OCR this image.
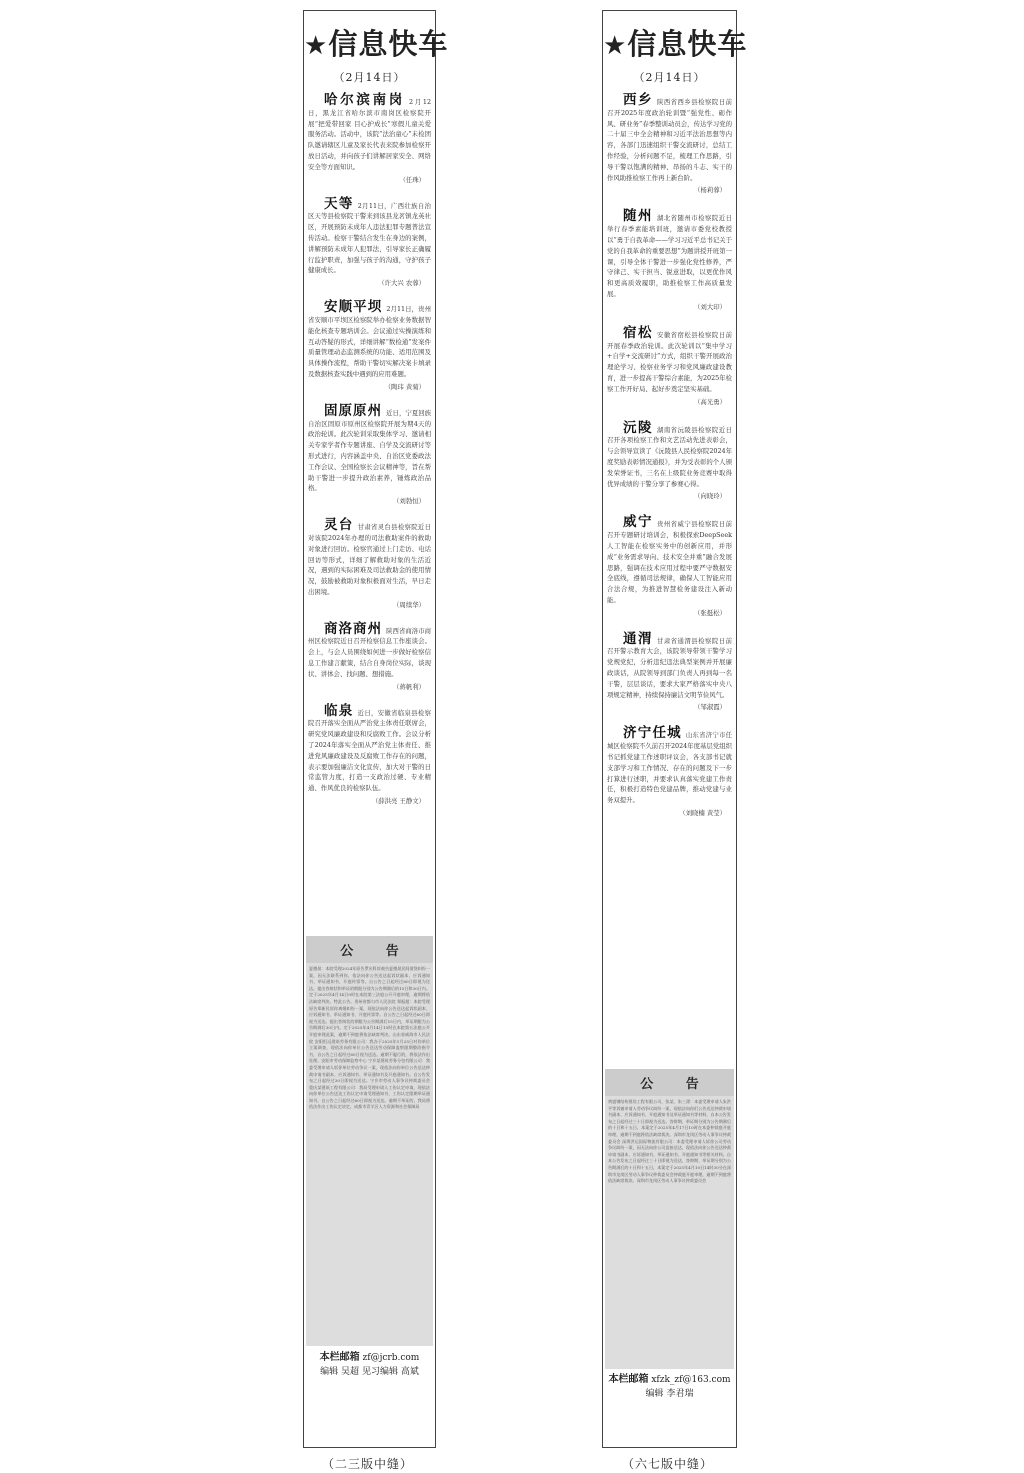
★信息快车
（2月14日）

哈尔滨南岗 2月12日，黑龙江省哈尔滨市南岗区检察院开展“把爱带回家 目心护成长”寒假儿童关爱服务活动。活动中，该院“法治童心”未检团队邀请辖区儿童及家长代表来院参加检察开放日活动，并向孩子们讲解居家安全、网络安全等方面知识。

（任珠）

天等 2月11日，广西壮族自治区天等县检察院干警来到该县龙茗镇龙英社区，开展预防未成年人违法犯罪专题普法宣传活动。检察干警结合发生在身边的案例，讲解预防未成年人犯罪法，引导家长正确履行监护职责，加强与孩子的沟通，守护孩子健康成长。

（许大兴 农蓉）

安顺平坝 2月11日，贵州省安顺市平坝区检察院举办检察业务数据智能化核查专题培训会。会议通过实操演练和互动答疑的形式，详细讲解“数检通”发案件质量管理动态监测系统的功能、适用范围及具体操作流程，帮助干警切实解决案卡填录及数据核查实践中遇到的应用难题。

（陶玮 黄菊）

固原原州 近日，宁夏回族自治区固原市原州区检察院开展为期4天的政治轮训。此次轮训采取集体学习、邀请相关专家学者作专题讲座、自学及交流研讨等形式进行，内容涵盖中央、自治区党委政法工作会议、全国检察长会议精神等，旨在帮助干警进一步提升政治素养，锤炼政治品格。

（刘勃恒）

灵台 甘肃省灵台县检察院近日对该院2024年办理的司法救助案件的救助对象进行回访。检察官通过上门走访、电话回访等形式，详细了解救助对象的生活近况，遇到的实际困难及司法救助金的使用情况，鼓励被救助对象积极面对生活，早日走出困境。

（周续华）

商洛商州 陕西省商洛市商州区检察院近日召开检察信息工作座谈会。会上，与会人员围绕如何进一步做好检察信息工作建言献策，结合自身岗位实际，谈现状、讲体会、找问题、想措施。

（蒋帆利）

临泉 近日，安徽省临泉县检察院召开落实全面从严治党主体责任联席会，研究党风廉政建设和反腐败工作。会议分析了2024年落实全面从严治党主体责任、推进党风廉政建设及反腐败工作存在的问题，表示要加强廉洁文化宣传，加大对干警的日常监管力度，打造一支政治过硬、专业精通、作风优良的检察队伍。

（薛洪亮 王静文）
公 告

夏德晟：本院受理2024年原告罗庆科诉被告夏德晟民间借贷纠纷一案，因无法联系到你，依法向你公告送达起诉状副本、应诉通知书、举证通知书、开庭传票等。自公告之日起经过60日即视为送达。提出答辩状和举证的期限分别为公告期满后的15日和30日内。定于2025年4月14日9时在本院第三法庭公开开庭审理，逾期将依法缺席判决。特此公告。贵州省都匀市人民法院 郑振超：本院受理原告郑新民诉你离婚纠纷一案，现依法向你公告送达起诉状副本、应诉通知书、举证通知书、开庭传票等。自公告之日起经过60日即视为送达。提出答辩状的期限为公告期满后15日内，举证期限为公告期满后30日内。定于2025年4月14日15时在本院第五法庭公开开庭审理此案，逾期不到庭将依法缺席判决。山东省威海市人民法院 安阳恒远建筑劳务有限公司：我办于2025年1月25日对你单位立案调查，现依法向你单位公告送达劳动保障监察限期整改指令书，自公告之日起经过60日视为送达。逾期不履行的，将依法作出处理。安阳市劳动保障监察中心 宁乡某建筑劳务分包有限公司：我委受理申请人诉你单位劳动争议一案，现依法向你单位公告送达仲裁申请书副本、应诉通知书、举证通知书及开庭通知书。自公告发布之日起经过30日即视为送达。宁乡市劳动人事争议仲裁委员会 重庆某建筑工程有限公司：我局受理申请人工伤认定申请，现依法向你单位公告送达工伤认定申请受理通知书、工伤认定限期举证通知书。自公告之日起经过60日即视为送达。逾期不举证的，我局将依法作出工伤认定决定。成都市青羊区人力资源和社会保障局

本栏邮箱 zf@jcrb.com
编辑 吴超 见习编辑 高斌
（二三版中缝）
★信息快车
（2月14日）

西乡 陕西省西乡县检察院日前召开2025年度政治轮训暨“强党性、砺作风、研业务”春季整训动员会，传达学习党的二十届三中全会精神和习近平法治思想等内容，各部门迅速组织干警交流研讨，总结工作经验，分析问题不足，梳理工作思路，引导干警以饱满的精神、昂扬的斗志、实干的作风助推检察工作再上新台阶。

（杨莉蓉）

随州 湖北省随州市检察院近日举行春季素能培训班，邀请市委党校教授以“勇于自我革命——学习习近平总书记关于党的自我革命的重要思想”为题讲授开班第一课，引导全体干警进一步强化党性修养，严守律己、实干担当、锐意进取，以更优作风和更高质效履职，助推检察工作高质量发展。

（刘大印）

宿松 安徽省宿松县检察院日前开展春季政治轮训。此次轮训以“集中学习+自学+交流研讨”方式，组织干警开展政治理论学习、检察业务学习和党风廉政建设教育，进一步提高干警综合素能，为2025年检察工作开好局、起好步奠定坚实基础。

（高光勇）

沅陵 湖南省沅陵县检察院近日召开各项检察工作和文艺活动先进表彰会，与会领导宣读了《沅陵县人民检察院2024年度奖励表彰情况通报》，并为受表彰的个人颁发荣誉证书，三名在上级院业务竞赛中取得优异成绩的干警分享了参赛心得。

（向晓玲）

威宁 贵州省威宁县检察院日前召开专题研讨培训会，积极探索DeepSeek人工智能在检察实务中的创新应用，并形成“业务需求导向、技术安全并重”融合发展思路，强调在技术应用过程中要严守数据安全底线，遵循司法规律，确保人工智能应用合法合规，为推进智慧检务建设注入新动能。

（张挺松）

通渭 甘肃省通渭县检察院日前召开警示教育大会，该院领导带领干警学习党规党纪，分析违纪违法典型案例并开展廉政谈话，从院领导到部门负责人再到每一名干警，层层谈话，要求大家严格落实中央八项规定精神，持续保持廉洁文明节俭风气。

（邹淑霞）

济宁任城 山东省济宁市任城区检察院不久前召开2024年度基层党组织书记抓党建工作述职评议会，各支部书记就支部学习和工作情况、存在的问题及下一步打算进行述职，并要求认真落实党建工作责任，积极打造特色党建品牌，推动党建与业务双提升。

（刘晓楠 黄莹）
公 告

黄盛钢结构建设工程有限公司、张某、朱三漂：本委受理申请人朱洪平等诉被申请人劳动争议纠纷一案，现依法向你们公告送达仲裁申请书副本、应诉通知书、开庭通知书及举证通知书等材料，自本公告发布之日起经过三十日即视为送达。答辩期、举证期分别为公告期满后的十日和十五日，本案定于2025年4月17日10时在本委仲裁庭开庭审理，逾期不到庭将依法缺席裁决。深圳市龙岗区劳动人事争议仲裁委员会 深圳洪运国际物流有限公司：本委受理申请人诉你公司劳动争议纠纷一案，因无法向你公司直接送达，现依法向你公告送达仲裁申请书副本、应诉通知书、举证通知书、开庭通知书等相关材料。自本公告发布之日起经过三十日即视为送达，答辩期、举证期分别为公告期满后的十日和十五日，本案定于2025年4月10日14时30分在深圳市龙岗区劳动人事争议仲裁委员会仲裁庭开庭审理，逾期不到庭将依法缺席裁决。深圳市龙岗区劳动人事争议仲裁委员会

本栏邮箱 xfzk_zf@163.com
编辑 李君瑞
（六七版中缝）
